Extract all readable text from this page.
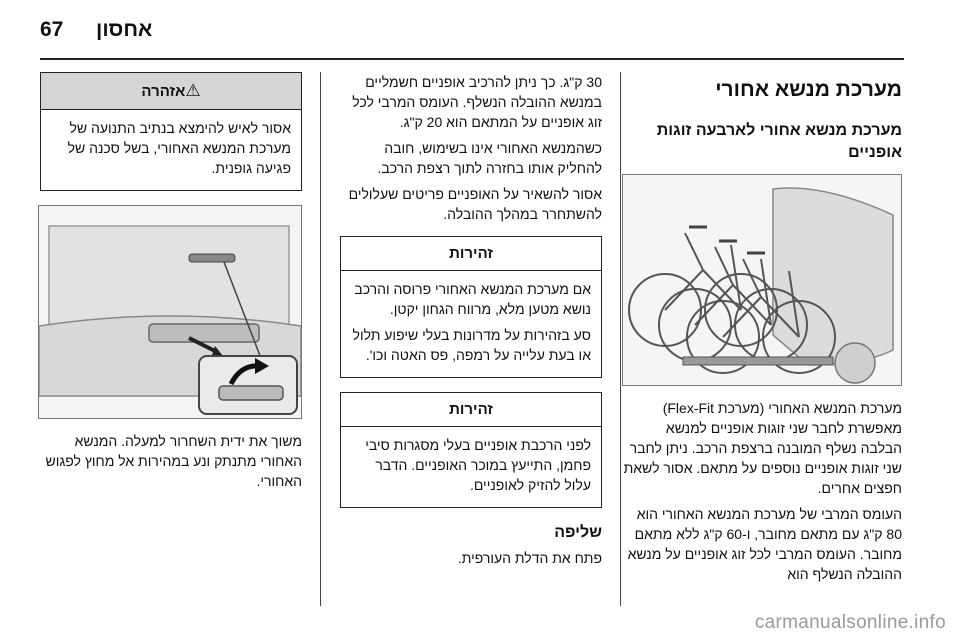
67 אחסון
מערכת מנשא אחורי
מערכת מנשא אחורי לארבעה זוגות אופניים

מערכת המנשא האחורי (מערכת Flex-Fit) מאפשרת לחבר שני זוגות אופניים למנשא הבלבה נשלף המובנה ברצפת הרכב. ניתן לחבר שני זוגות אופניים נוספים על מתאם. אסור לשאת חפצים אחרים.

העומס המרבי של מערכת המנשא האחורי הוא 80 ק"ג עם מתאם מחובר, ו-60 ק"ג ללא מתאם מחובר. העומס המרבי לכל זוג אופניים על מנשא ההובלה הנשלף הוא

30 ק"ג. כך ניתן להרכיב אופניים חשמליים במנשא ההובלה הנשלף. העומס המרבי לכל זוג אופניים על המתאם הוא 20 ק"ג.

כשהמנשא האחורי אינו בשימוש, חובה להחליק אותו בחזרה לתוך רצפת הרכב.

אסור להשאיר על האופניים פריטים שעלולים להשתחרר במהלך ההובלה.

זהירות

אם מערכת המנשא האחורי פרוסה והרכב נושא מטען מלא, מרווח הגחון יקטן.

סע בזהירות על מדרונות בעלי שיפוע תלול או בעת עלייה על רמפה, פס האטה וכו'.

זהירות

לפני הרכבת אופניים בעלי מסגרות סיבי פחמן, התייעץ במוכר האופניים. הדבר עלול להזיק לאופניים.

שליפה

פתח את הדלת העורפית.

⚠אזהרה

אסור לאיש להימצא בנתיב התנועה של מערכת המנשא האחורי, בשל סכנה של פגיעה גופנית.

משוך את ידית השחרור למעלה. המנשא האחורי מתנתק ונע במהירות אל מחוץ לפגוש האחורי.

carmanualsonline.info
